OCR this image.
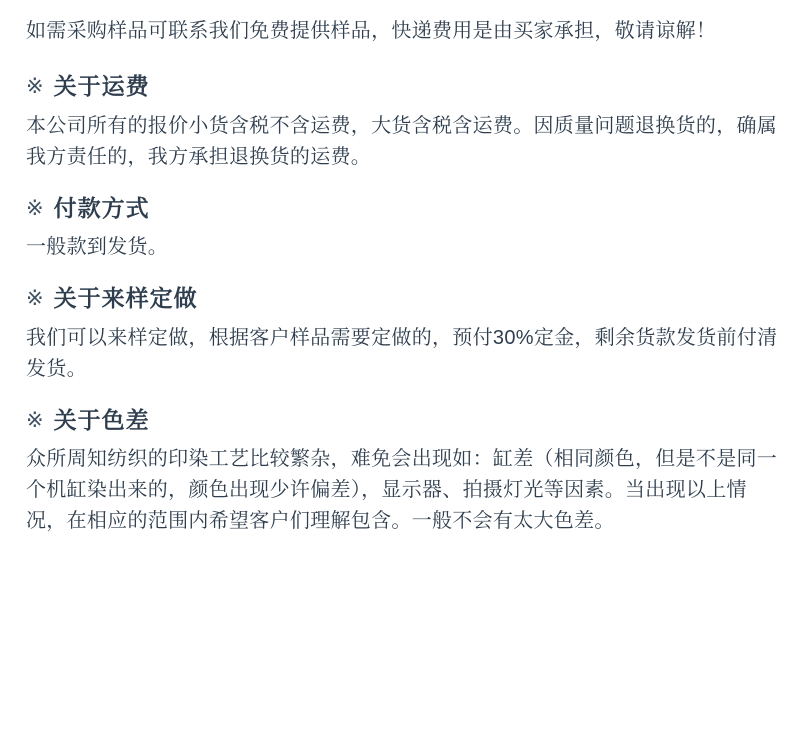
如需采购样品可联系我们免费提供样品，快递费用是由买家承担，敬请谅解！

※ 关于运费

本公司所有的报价小货含税不含运费，大货含税含运费。因质量问题退换货的，确属我方责任的，我方承担退换货的运费。

※ 付款方式

一般款到发货。

※ 关于来样定做

我们可以来样定做，根据客户样品需要定做的，预付30%定金，剩余货款发货前付清发货。

※ 关于色差

众所周知纺织的印染工艺比较繁杂，难免会出现如：缸差（相同颜色，但是不是同一个机缸染出来的，颜色出现少许偏差），显示器、拍摄灯光等因素。当出现以上情况，在相应的范围内希望客户们理解包含。一般不会有太大色差。
